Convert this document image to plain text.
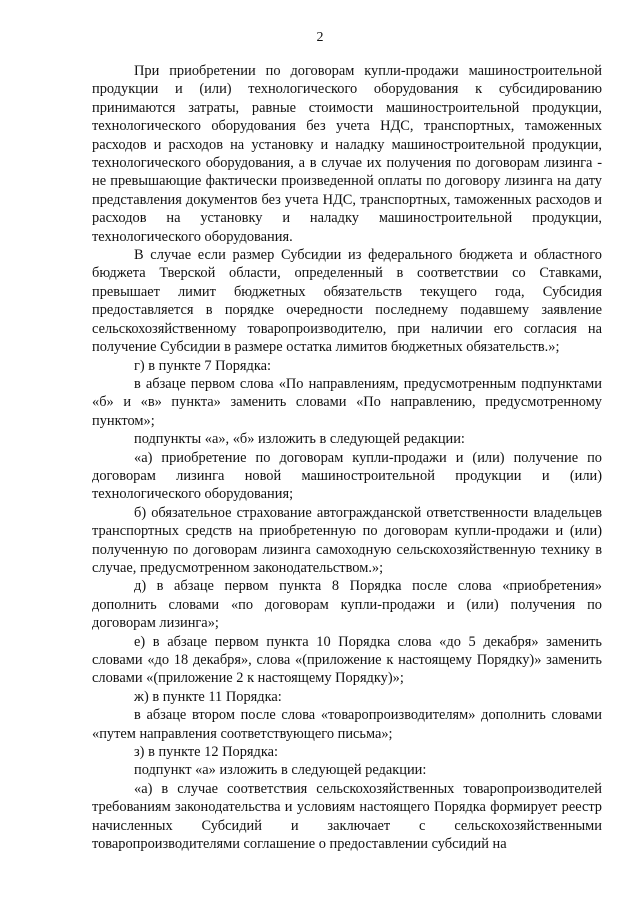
2

При приобретении по договорам купли-продажи машиностроительной продукции и (или) технологического оборудования к субсидированию принимаются затраты, равные стоимости машиностроительной продукции, технологического оборудования без учета НДС, транспортных, таможенных расходов и расходов на установку и наладку машиностроительной продукции, технологического оборудования, а в случае их получения по договорам лизинга - не превышающие фактически произведенной оплаты по договору лизинга на дату представления документов без учета НДС, транспортных, таможенных расходов и расходов на установку и наладку машиностроительной продукции, технологического оборудования.

В случае если размер Субсидии из федерального бюджета и областного бюджета Тверской области, определенный в соответствии со Ставками, превышает лимит бюджетных обязательств текущего года, Субсидия предоставляется в порядке очередности последнему подавшему заявление сельскохозяйственному товаропроизводителю, при наличии его согласия на получение Субсидии в размере остатка лимитов бюджетных обязательств.»;

г) в пункте 7 Порядка:

в абзаце первом слова «По направлениям, предусмотренным подпунктами «б» и «в» пункта» заменить словами «По направлению, предусмотренному пунктом»;

подпункты «а», «б» изложить в следующей редакции:

«а) приобретение по договорам купли-продажи и (или) получение по договорам лизинга новой машиностроительной продукции и (или) технологического оборудования;

б) обязательное страхование автогражданской ответственности владельцев транспортных средств на приобретенную по договорам купли-продажи и (или) полученную по договорам лизинга самоходную сельскохозяйственную технику в случае, предусмотренном законодательством.»;

д) в абзаце первом пункта 8 Порядка после слова «приобретения» дополнить словами «по договорам купли-продажи и (или) получения по договорам лизинга»;

е) в абзаце первом пункта 10 Порядка слова «до 5 декабря» заменить словами «до 18 декабря», слова «(приложение к настоящему Порядку)» заменить словами «(приложение 2 к настоящему Порядку)»;

ж) в пункте 11 Порядка:

в абзаце втором после слова «товаропроизводителям» дополнить словами «путем направления соответствующего письма»;

з) в пункте 12 Порядка:

подпункт «а» изложить в следующей редакции:

«а) в случае соответствия сельскохозяйственных товаропроизводителей требованиям законодательства и условиям настоящего Порядка формирует реестр начисленных Субсидий и заключает с сельскохозяйственными товаропроизводителями соглашение о предоставлении субсидий на
